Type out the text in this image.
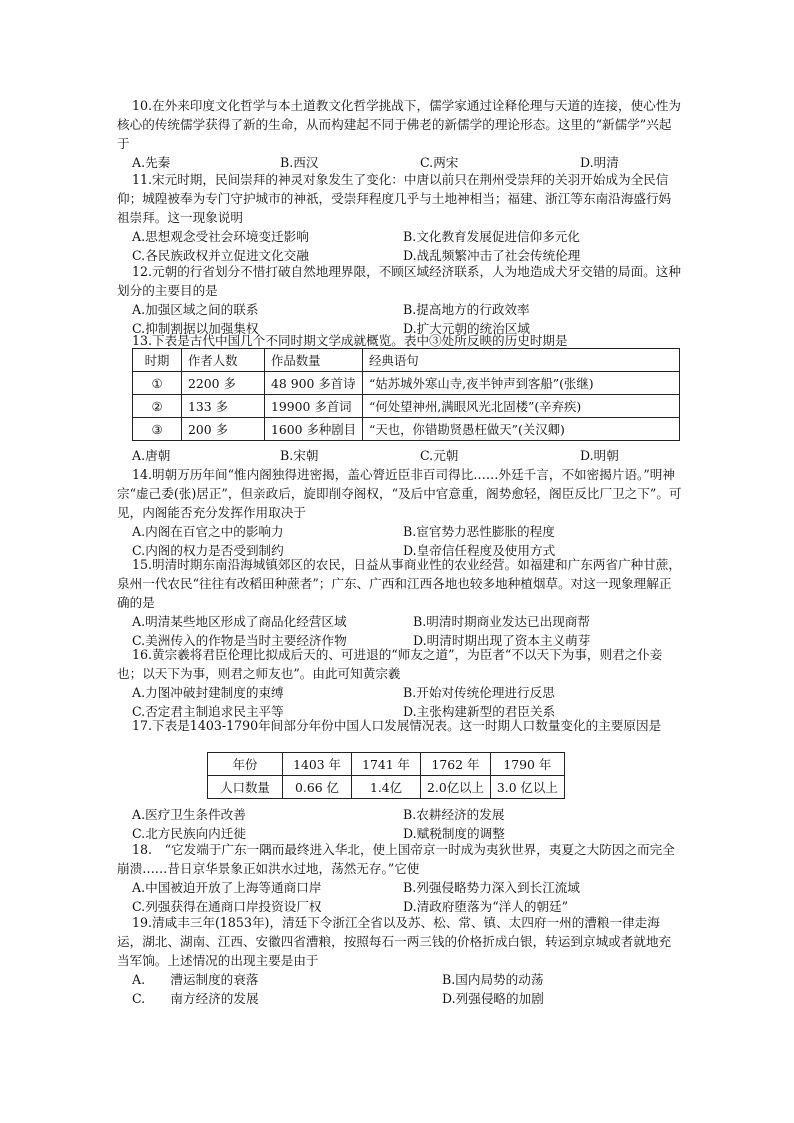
10.在外来印度文化哲学与本土道教文化哲学挑战下，儒学家通过诠释伦理与天道的连接，使心性为核心的传统儒学获得了新的生命，从而构建起不同于佛老的新儒学的理论形态。这里的“新儒学”兴起于
A.先秦	B.西汉	C.两宋	D.明清
11.宋元时期，民间崇拜的神灵对象发生了变化：中唐以前只在荆州受崇拜的关羽开始成为全民信仰；城隍被奉为专门守护城市的神祇，受崇拜程度几乎与土地神相当；福建、浙江等东南沿海盛行妈祖崇拜。这一现象说明
A.思想观念受社会环境变迁影响	B.文化教育发展促进信仰多元化
C.各民族政权并立促进文化交融	D.战乱频繁冲击了社会传统伦理
12.元朝的行省划分不惜打破自然地理界限，不顾区域经济联系，人为地造成犬牙交错的局面。这种划分的主要目的是
A.加强区域之间的联系	B.提高地方的行政效率
C.抑制割据以加强集权	D.扩大元朝的统治区域
13.下表是古代中国几个不同时期文学成就概览。表中③处所反映的历史时期是
时期	作者人数	作品数量	经典语句
①	2200 多	48 900 多首诗	“姑苏城外寒山寺,夜半钟声到客船”(张继)
②	133 多	19900 多首词	“何处望神州,满眼风光北固楼”(辛弃疾)
③	200 多	1600 多种剧目	“天也，你错勘贤愚枉做天”(关汉卿)
A.唐朝	B.宋朝	C.元朝	D.明朝
14.明朝万历年间“惟内阁独得进密揭，盖心膂近臣非百司得比……外廷千言，不如密揭片语。”明神宗“虚己委(张)居正”，但亲政后，旋即削夺阁权，“及后中官意重，阁势愈轻，阁臣反比厂卫之下”。可见，内阁能否充分发挥作用取决于
A.内阁在百官之中的影响力	B.宦官势力恶性膨胀的程度
C.内阁的权力是否受到制约	D.皇帝信任程度及使用方式
15.明清时期东南沿海城镇郊区的农民，日益从事商业性的农业经营。如福建和广东两省广种甘蔗，泉州一代农民“往往有改稻田种蔗者”；广东、广西和江西各地也较多地种植烟草。对这一现象理解正确的是
A.明清某些地区形成了商品化经营区域	B.明清时期商业发达已出现商帮
C.美洲传入的作物是当时主要经济作物	D.明清时期出现了资本主义萌芽
16.黄宗羲将君臣伦理比拟成后天的、可进退的“师友之道”，为臣者“不以天下为事，则君之仆妾也；以天下为事，则君之师友也”。由此可知黄宗羲
A.力图冲破封建制度的束缚	B.开始对传统伦理进行反思
C.否定君主制追求民主平等	D.主张构建新型的君臣关系
17.下表是1403-1790年间部分年份中国人口发展情况表。这一时期人口数量变化的主要原因是
年份	1403 年	1741 年	1762 年	1790 年
人口数量	0.66 亿	1.4亿	2.0亿以上	3.0 亿以上
A.医疗卫生条件改善	B.农耕经济的发展
C.北方民族向内迁徙	D.赋税制度的调整
18.　“它发端于广东一隅而最终进入华北，使上国帝京一时成为夷狄世界，夷夏之大防因之而完全崩溃……昔日京华景象正如洪水过地，荡然无存。”它使
A.中国被迫开放了上海等通商口岸	B.列强侵略势力深入到长江流域
C.列强获得在通商口岸投资设厂权	D.清政府堕落为“洋人的朝廷”
19.清咸丰三年(1853年)，清廷下令浙江全省以及苏、松、常、镇、太四府一州的漕粮一律走海运，湖北、湖南、江西、安徽四省漕粮，按照每石一两三钱的价格折成白银，转运到京城或者就地充当军饷。上述情况的出现主要是由于
A.　　漕运制度的衰落	B.国内局势的动荡
C.　　南方经济的发展	D.列强侵略的加剧
